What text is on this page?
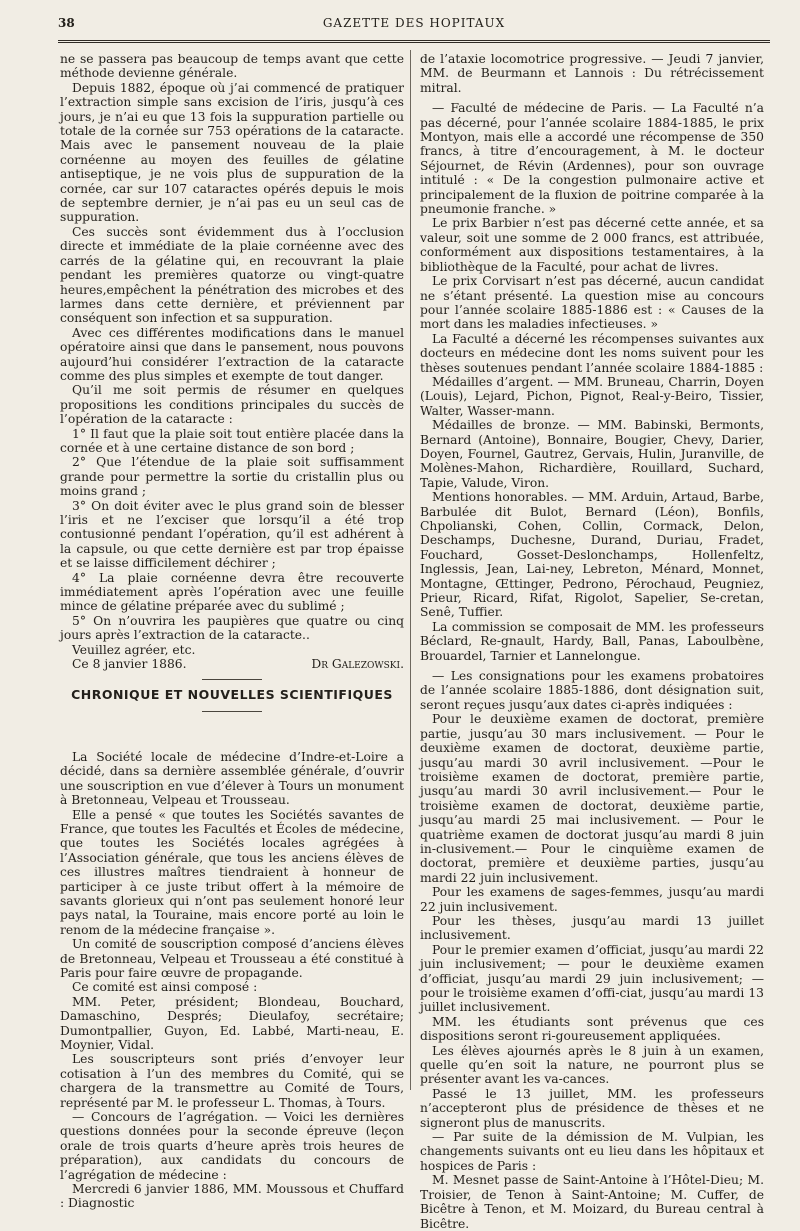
38	GAZETTE DES HOPITAUX

ne se passera pas beaucoup de temps avant que cette méthode devienne générale.

Depuis 1882, époque où j’ai commencé de pratiquer l’extraction simple sans excision de l’iris, jusqu’à ces jours, je n’ai eu que 13 fois la suppuration partielle ou totale de la cornée sur 753 opérations de la cataracte. Mais avec le pansement nouveau de la plaie cornéenne au moyen des feuilles de gélatine antiseptique, je ne vois plus de suppuration de la cornée, car sur 107 cataractes opérés depuis le mois de septembre dernier, je n’ai pas eu un seul cas de suppuration.

Ces succès sont évidemment dus à l’occlusion directe et immédiate de la plaie cornéenne avec des carrés de la gélatine qui, en recouvrant la plaie pendant les premières quatorze ou vingt-quatre heures,empêchent la pénétration des microbes et des larmes dans cette dernière, et préviennent par conséquent son infection et sa suppuration.

Avec ces différentes modifications dans le manuel opératoire ainsi que dans le pansement, nous pouvons aujourd’hui considérer l’extraction de la cataracte comme des plus simples et exempte de tout danger.

Qu’il me soit permis de résumer en quelques propositions les conditions principales du succès de l’opération de la cataracte :

1° Il faut que la plaie soit tout entière placée dans la cornée et à une certaine distance de son bord ;

2° Que l’étendue de la plaie soit suffisamment grande pour permettre la sortie du cristallin plus ou moins grand ;

3° On doit éviter avec le plus grand soin de blesser l’iris et ne l’exciser que lorsqu’il a été trop contusionné pendant l’opération, qu’il est adhérent à la capsule, ou que cette dernière est par trop épaisse et se laisse difficilement déchirer ;

4° La plaie cornéenne devra être recouverte immédiatement après l’opération avec une feuille mince de gélatine préparée avec du sublimé ;

5° On n’ouvrira les paupières que quatre ou cinq jours après l’extraction de la cataracte..

Veuillez agréer, etc.

Ce 8 janvier 1886.	Dr Galezowski.
CHRONIQUE ET NOUVELLES SCIENTIFIQUES

La Société locale de médecine d’Indre-et-Loire a décidé, dans sa dernière assemblée générale, d’ouvrir une souscription en vue d’élever à Tours un monument à Bretonneau, Velpeau et Trousseau.

Elle a pensé « que toutes les Sociétés savantes de France, que toutes les Facultés et Écoles de médecine, que toutes les Sociétés locales agrégées à l’Association générale, que tous les anciens élèves de ces illustres maîtres tiendraient à honneur de participer à ce juste tribut offert à la mémoire de savants glorieux qui n’ont pas seulement honoré leur pays natal, la Touraine, mais encore porté au loin le renom de la médecine française ».

Un comité de souscription composé d’anciens élèves de Bretonneau, Velpeau et Trousseau a été constitué à Paris pour faire œuvre de propagande.

Ce comité est ainsi composé :

MM. Peter, président; Blondeau, Bouchard, Damaschino, Després; Dieulafoy, secrétaire; Dumontpallier, Guyon, Ed. Labbé, Marti-neau, E. Moynier, Vidal.

Les souscripteurs sont priés d’envoyer leur cotisation à l’un des membres du Comité, qui se chargera de la transmettre au Comité de Tours, représenté par M. le professeur L. Thomas, à Tours.

— Concours de l’agrégation. — Voici les dernières questions données pour la seconde épreuve (leçon orale de trois quarts d’heure après trois heures de préparation), aux candidats du concours de l’agrégation de médecine :

Mercredi 6 janvier 1886, MM. Moussous et Chuffard : Diagnostic

de l’ataxie locomotrice progressive. — Jeudi 7 janvier, MM. de Beurmann et Lannois : Du rétrécissement mitral.

— Faculté de médecine de Paris. — La Faculté n’a pas décerné, pour l’année scolaire 1884-1885, le prix Montyon, mais elle a accordé une récompense de 350 francs, à titre d’encouragement, à M. le docteur Séjournet, de Révin (Ardennes), pour son ouvrage intitulé : « De la congestion pulmonaire active et principalement de la fluxion de poitrine comparée à la pneumonie franche. »

Le prix Barbier n’est pas décerné cette année, et sa valeur, soit une somme de 2 000 francs, est attribuée, conformément aux dispositions testamentaires, à la bibliothèque de la Faculté, pour achat de livres.

Le prix Corvisart n’est pas décerné, aucun candidat ne s’étant présenté. La question mise au concours pour l’année scolaire 1885-1886 est : « Causes de la mort dans les maladies infectieuses. »

La Faculté a décerné les récompenses suivantes aux docteurs en médecine dont les noms suivent pour les thèses soutenues pendant l’année scolaire 1884-1885 :

Médailles d’argent. — MM. Bruneau, Charrin, Doyen (Louis), Lejard, Pichon, Pignot, Real-y-Beiro, Tissier, Walter, Wasser-mann.

Médailles de bronze. — MM. Babinski, Bermonts, Bernard (Antoine), Bonnaire, Bougier, Chevy, Darier, Doyen, Fournel, Gautrez, Gervais, Hulin, Juranville, de Molènes-Mahon, Richardière, Rouillard, Suchard, Tapie, Valude, Viron.

Mentions honorables. — MM. Arduin, Artaud, Barbe, Barbulée dit Bulot, Bernard (Léon), Bonfils, Chpolianski, Cohen, Collin, Cormack, Delon, Deschamps, Duchesne, Durand, Duriau, Fradet, Fouchard, Gosset-Deslonchamps, Hollenfeltz, Inglessis, Jean, Lai-ney, Lebreton, Ménard, Monnet, Montagne, Œttinger, Pedrono, Pérochaud, Peugniez, Prieur, Ricard, Rifat, Rigolot, Sapelier, Se-cretan, Senê, Tuffier.

La commission se composait de MM. les professeurs Béclard, Re-gnault, Hardy, Ball, Panas, Laboulbène, Brouardel, Tarnier et Lannelongue.

— Les consignations pour les examens probatoires de l’année scolaire 1885-1886, dont désignation suit, seront reçues jusqu’aux dates ci-après indiquées :

Pour le deuxième examen de doctorat, première partie, jusqu’au 30 mars inclusivement. — Pour le deuxième examen de doctorat, deuxième partie, jusqu’au mardi 30 avril inclusivement. —Pour le troisième examen de doctorat, première partie, jusqu’au mardi 30 avril inclusivement.— Pour le troisième examen de doctorat, deuxième partie, jusqu’au mardi 25 mai inclusivement. — Pour le quatrième examen de doctorat jusqu’au mardi 8 juin in-clusivement.— Pour le cinquième examen de doctorat, première et deuxième parties, jusqu’au mardi 22 juin inclusivement.

Pour les examens de sages-femmes, jusqu’au mardi 22 juin inclusivement.

Pour les thèses, jusqu’au mardi 13 juillet inclusivement.

Pour le premier examen d’officiat, jusqu’au mardi 22 juin inclusivement; — pour le deuxième examen d’officiat, jusqu’au mardi 29 juin inclusivement; — pour le troisième examen d’offi-ciat, jusqu’au mardi 13 juillet inclusivement.

MM. les étudiants sont prévenus que ces dispositions seront ri-goureusement appliquées.

Les élèves ajournés après le 8 juin à un examen, quelle qu’en soit la nature, ne pourront plus se présenter avant les va-cances.

Passé le 13 juillet, MM. les professeurs n’accepteront plus de présidence de thèses et ne signeront plus de manuscrits.

— Par suite de la démission de M. Vulpian, les changements suivants ont eu lieu dans les hôpitaux et hospices de Paris :

M. Mesnet passe de Saint-Antoine à l’Hôtel-Dieu; M. Troisier, de Tenon à Saint-Antoine; M. Cuffer, de Bicêtre à Tenon, et M. Moizard, du Bureau central à Bicêtre.
